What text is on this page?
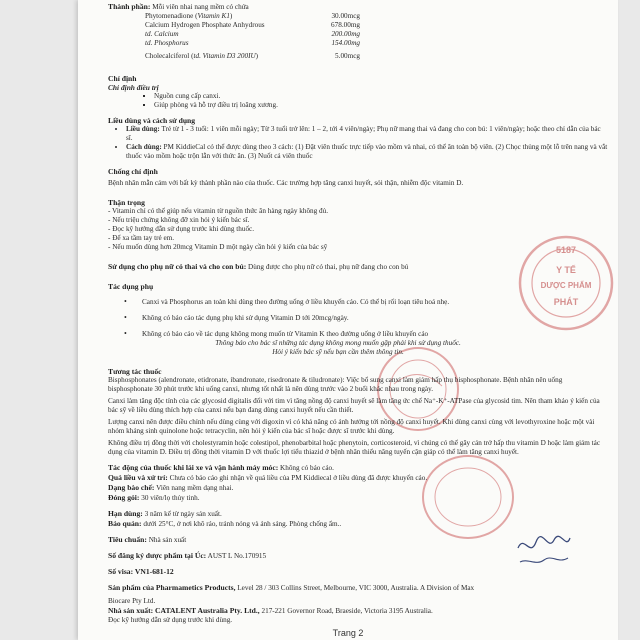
5187
Y TẾ
DƯỢC PHẨM
PHÁT

Thành phần: Mỗi viên nhai nang mềm có chứa

Phytomenadione (Vitamin K1)	30.00mcg
Calcium Hydrogen Phosphate Anhydrous	678.00mg
td. Calcium	200.00mg
td. Phosphorus	154.00mg
Cholecalciferol (td. Vitamin D3 200IU)	5.00mcg

Chỉ định

Chỉ định điều trị

▪ Nguồn cung cấp canxi.
▪ Giúp phòng và hỗ trợ điều trị loãng xương.

Liều dùng và cách sử dụng

• Liều dùng: Trẻ từ 1 - 3 tuổi: 1 viên mỗi ngày; Từ 3 tuổi trở lên: 1 – 2, tới 4 viên/ngày; Phụ nữ mang thai và đang cho con bú: 1 viên/ngày; hoặc theo chỉ dẫn của bác sĩ.
• Cách dùng: PM KiddieCal có thể được dùng theo 3 cách: (1) Đặt viên thuốc trực tiếp vào mồm và nhai, có thể ăn toàn bộ viên. (2) Chọc thủng một lỗ trên nang và vắt thuốc vào mồm hoặc trộn lẫn với thức ăn. (3) Nuốt cả viên thuốc

Chống chỉ định

Bệnh nhân mẫn cảm với bất kỳ thành phần nào của thuốc. Các trường hợp tăng canxi huyết, sỏi thận, nhiễm độc vitamin D.

Thận trọng

- Vitamin chỉ có thể giúp nếu vitamin từ nguồn thức ăn hàng ngày không đủ.

- Nếu triệu chứng không đỡ xin hỏi ý kiến bác sĩ.

- Đọc kỹ hướng dẫn sử dụng trước khi dùng thuốc.

- Để xa tầm tay trẻ em.

- Nếu muốn dùng hơn 20mcg Vitamin D một ngày cần hỏi ý kiến của bác sỹ

Sử dụng cho phụ nữ có thai và cho con bú: Dùng được cho phụ nữ có thai, phụ nữ đang cho con bú

Tác dụng phụ

•	Canxi và Phosphorus an toàn khi dùng theo đường uống ở liều khuyến cáo. Có thể bị rối loạn tiêu hoá nhẹ.
•	Không có báo cáo tác dụng phụ khi sử dụng Vitamin D tới 20mcg/ngày.
•	Không có báo cáo về tác dụng không mong muốn từ Vitamin K theo đường uống ở liều khuyến cáo

Thông báo cho bác sĩ những tác dụng không mong muốn gặp phải khi sử dụng thuốc.

Hỏi ý kiến bác sỹ nếu bạn cần thêm thông tin.

Tương tác thuốc

Bisphosphonates (alendronate, etidronate, ibandronate, risedronate & tiludronate): Việc bổ sung canxi làm giảm hấp thụ bisphosphonate. Bệnh nhân nên uống bisphosphonate 30 phút trước khi uống canxi, nhưng tốt nhất là nên dùng trước vào 2 buổi khác nhau trong ngày.

Canxi làm tăng độc tính của các glycosid digitalis đối với tim vì tăng nồng độ canxi huyết sẽ làm tăng ức chế Na⁺-K⁺-ATPase của glycosid tim. Nên tham khảo ý kiến của bác sỹ về liều dùng thích hợp của canxi nếu bạn đang dùng canxi huyết nếu cần thiết.

Lượng canxi nên được điều chỉnh nếu dùng cùng với digoxin vì có khả năng có ảnh hưởng tới nồng độ canxi huyết. Khi dùng canxi cùng với levothyroxine hoặc một vài nhóm kháng sinh quinolone hoặc tetracyclin, nên hỏi ý kiến của bác sĩ hoặc được sĩ trước khi dùng.

Không điều trị đồng thời với cholestyramin hoặc colestipol, phenobarbital hoặc phenytoin, corticosteroid, vì chúng có thể gây cản trở hấp thu vitamin D hoặc làm giảm tác dụng của vitamin D. Điều trị đồng thời vitamin D với thuốc lợi tiểu thiazid ở bệnh nhân thiểu năng tuyến cận giáp có thể làm tăng canxi huyết.

Tác động của thuốc khi lái xe và vận hành máy móc: Không có báo cáo.

Quá liều và xử trí: Chưa có báo cáo ghi nhận về quá liều của PM Kiddiecal ở liều dùng đã được khuyến cáo.

Dạng bào chế: Viên nang mềm dạng nhai.

Đóng gói: 30 viên/lọ thủy tinh.

Hạn dùng: 3 năm kể từ ngày sản xuất.

Bảo quản: dưới 25°C, ở nơi khô ráo, tránh nóng và ánh sáng. Phòng chống ẩm..

Tiêu chuẩn: Nhà sản xuất

Số đăng ký dược phẩm tại Úc: AUST L No.170915

Số visa: VN1-681-12

Sản phẩm của Pharmametics Products, Level 28 / 303 Collins Street, Melbourne, VIC 3000, Australia. A Division of Max

Biocare Pty Ltd.

Nhà sản xuất: CATALENT Australia Pty. Ltd., 217-221 Governor Road, Braeside, Victoria 3195 Australia.

Đọc kỹ hướng dẫn sử dụng trước khi dùng.

Trang 2
